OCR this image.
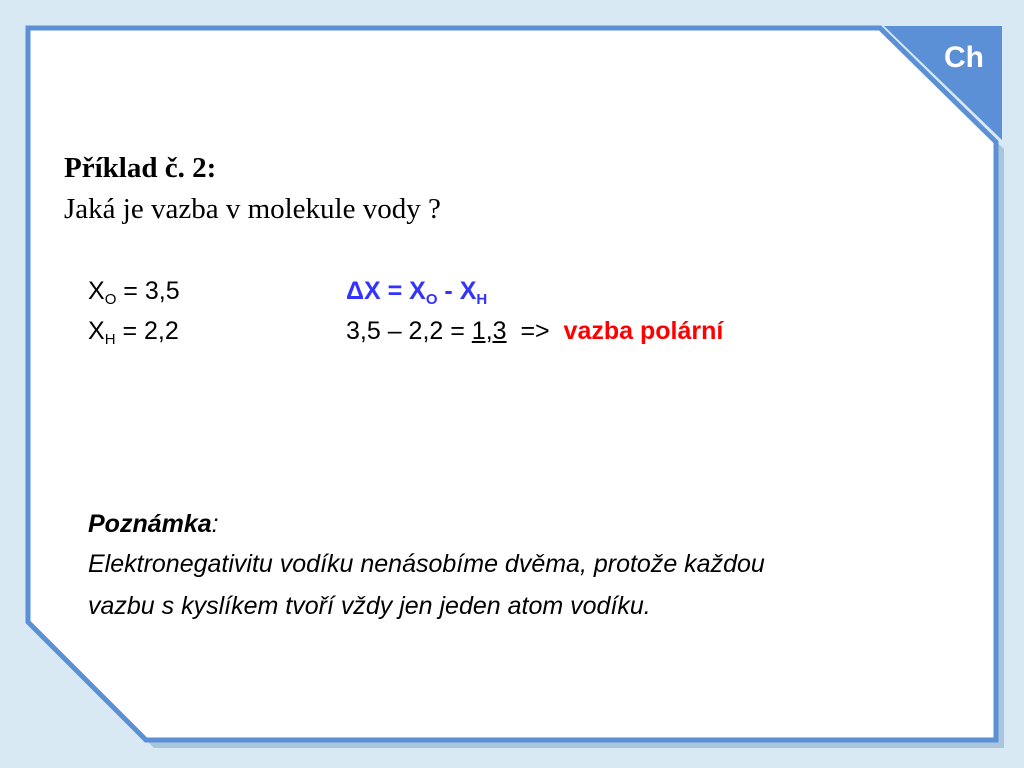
Ch
Příklad č. 2:
Jaká je vazba v molekule vody ?
$X_O = 3,5$
$X_H = 2,2$
$\Delta X = X_O - X_H$
3,5 – 2,2 = 1,3  =>  vazba polární
Poznámka:
Elektronegativitu vodíku nenásobíme dvěma, protože každou
vazbu s kyslíkem tvoří vždy jen jeden atom vodíku.
